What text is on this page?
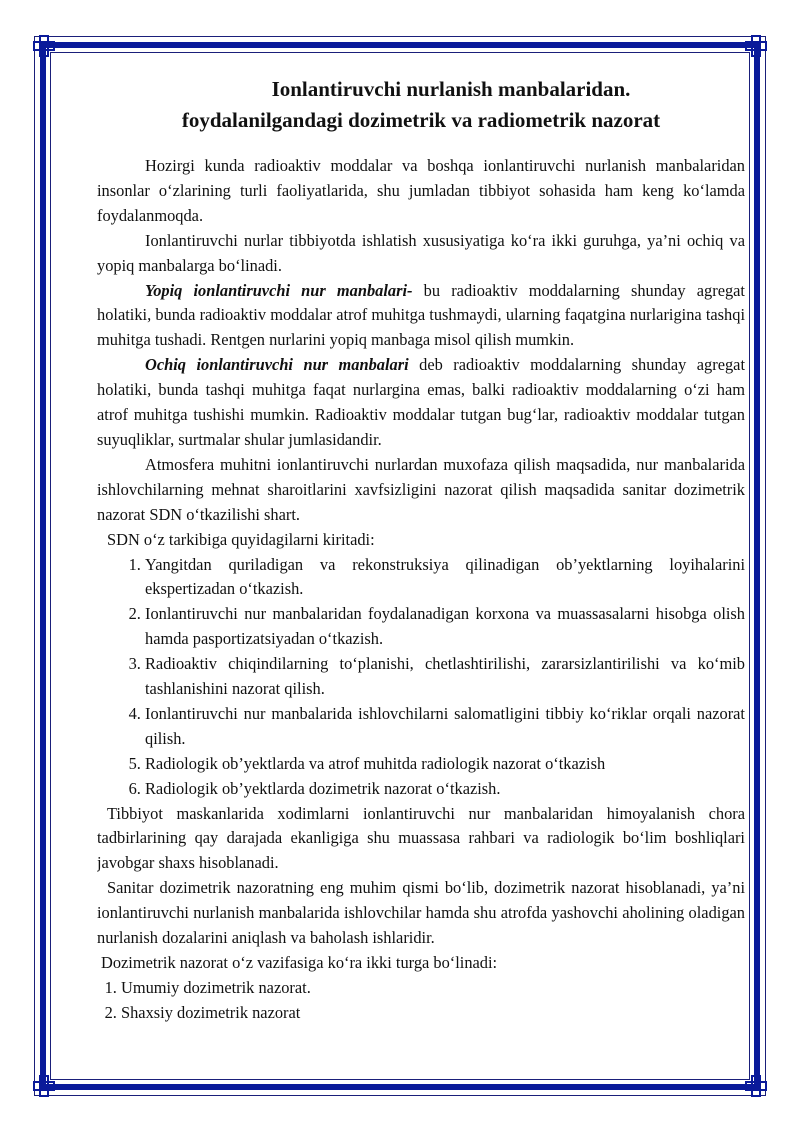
Ionlantiruvchi nurlanish manbalaridan.
foydalanilgandagi dozimetrik va radiometrik nazorat

Hozirgi kunda radioaktiv moddalar va boshqa ionlantiruvchi nurlanish manbalaridan insonlar o‘zlarining turli faoliyatlarida, shu jumladan tibbiyot sohasida ham keng ko‘lamda foydalanmoqda.

Ionlantiruvchi nurlar tibbiyotda ishlatish xususiyatiga ko‘ra ikki guruhga, ya’ni ochiq va yopiq manbalarga bo‘linadi.

Yopiq ionlantiruvchi nur manbalari- bu radioaktiv moddalarning shunday agregat holatiki, bunda radioaktiv moddalar atrof muhitga tushmaydi, ularning faqatgina nurlarigina tashqi muhitga tushadi. Rentgen nurlarini yopiq manbaga misol qilish mumkin.

Ochiq ionlantiruvchi nur manbalari deb radioaktiv moddalarning shunday agregat holatiki, bunda tashqi muhitga faqat nurlargina emas, balki radioaktiv moddalarning o‘zi ham atrof muhitga tushishi mumkin. Radioaktiv moddalar tutgan bug‘lar, radioaktiv moddalar tutgan suyuqliklar, surtmalar shular jumlasidandir.

Atmosfera muhitni ionlantiruvchi nurlardan muxofaza qilish maqsadida, nur manbalarida ishlovchilarning mehnat sharoitlarini xavfsizligini nazorat qilish maqsadida sanitar dozimetrik nazorat SDN o‘tkazilishi shart.

SDN o‘z tarkibiga quyidagilarni kiritadi:

1. Yangitdan quriladigan va rekonstruksiya qilinadigan ob’yektlarning loyihalarini ekspertizadan o‘tkazish.
2. Ionlantiruvchi nur manbalaridan foydalanadigan korxona va muassasalarni hisobga olish hamda pasportizatsiyadan o‘tkazish.
3. Radioaktiv chiqindilarning to‘planishi, chetlashtirilishi, zararsizlantirilishi va ko‘mib tashlanishini nazorat qilish.
4. Ionlantiruvchi nur manbalarida ishlovchilarni salomatligini tibbiy ko‘riklar orqali nazorat qilish.
5. Radiologik ob’yektlarda va atrof muhitda radiologik nazorat o‘tkazish
6. Radiologik ob’yektlarda dozimetrik nazorat o‘tkazish.

Tibbiyot maskanlarida xodimlarni ionlantiruvchi nur manbalaridan himoyalanish chora tadbirlarining qay darajada ekanligiga shu muassasa rahbari va radiologik bo‘lim boshliqlari javobgar shaxs hisoblanadi.

Sanitar dozimetrik nazoratning eng muhim qismi bo‘lib, dozimetrik nazorat hisoblanadi, ya’ni ionlantiruvchi nurlanish manbalarida ishlovchilar hamda shu atrofda yashovchi aholining oladigan nurlanish dozalarini aniqlash va baholash ishlaridir.

Dozimetrik nazorat o‘z vazifasiga ko‘ra ikki turga bo‘linadi:

1. Umumiy dozimetrik nazorat.
2. Shaxsiy dozimetrik nazorat
